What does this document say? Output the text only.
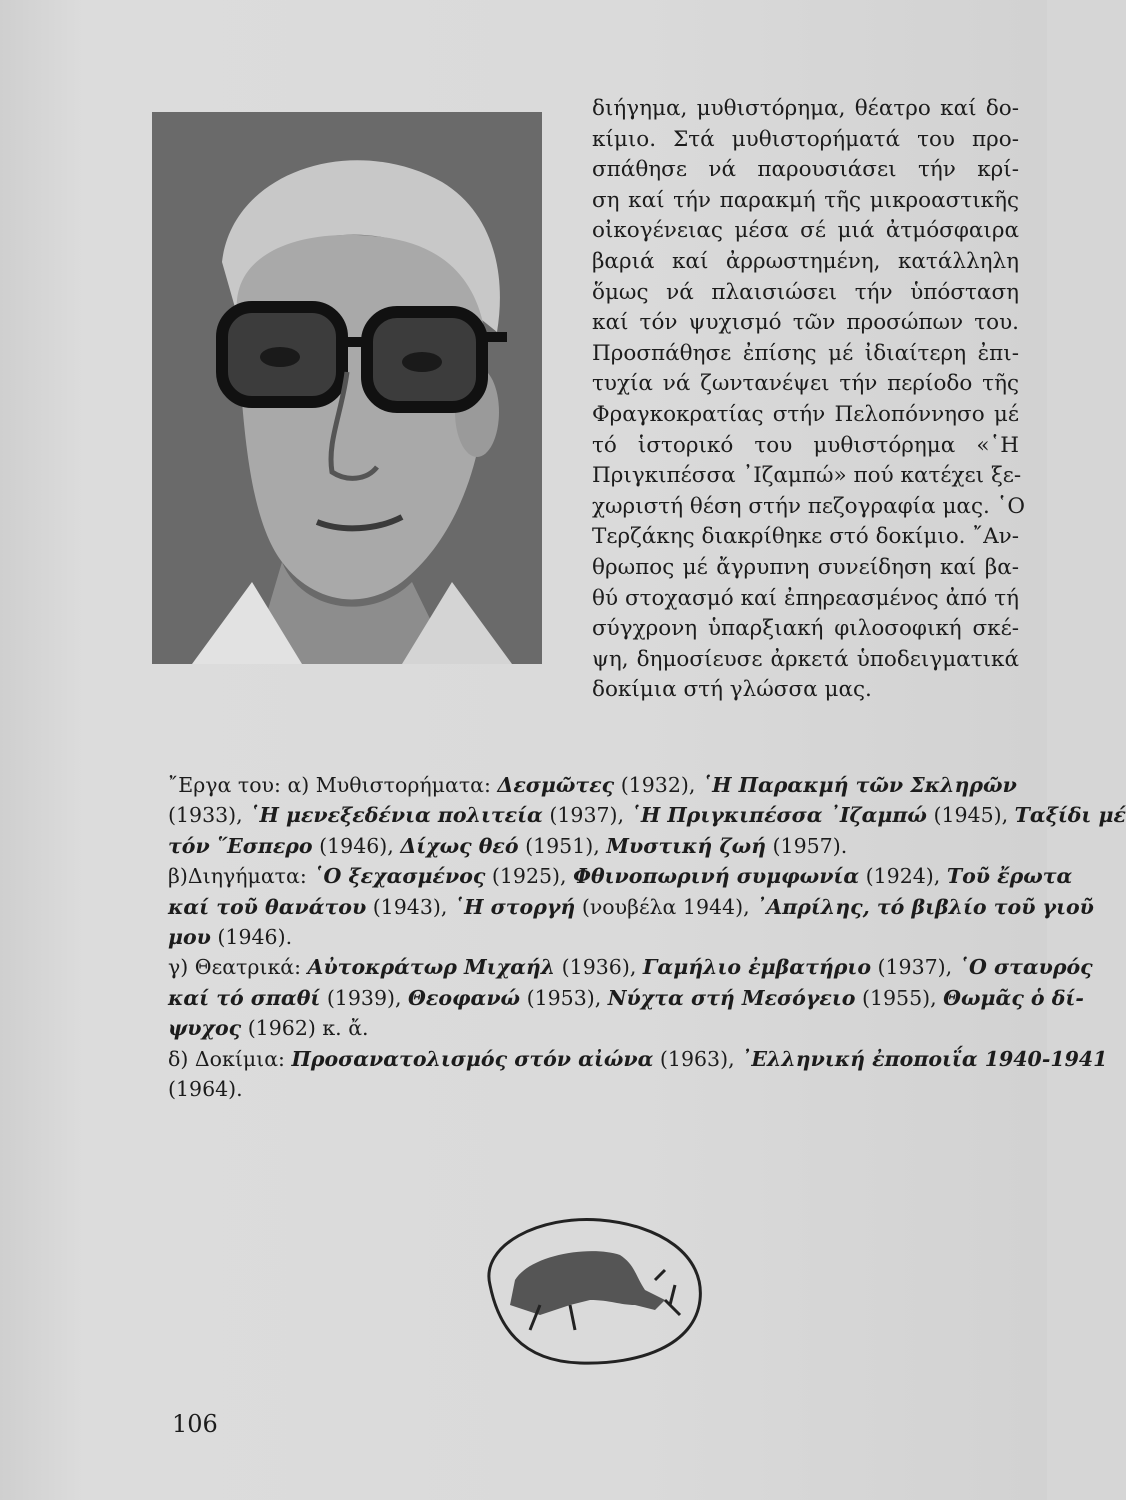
διήγημα, μυθιστόρημα, θέατρο καί δο-
κίμιο. Στά μυθιστορήματά του προ-
σπάθησε νά παρουσιάσει τήν κρί-
ση καί τήν παρακμή τῆς μικροαστικῆς
οἰκογένειας μέσα σέ μιά ἀτμόσφαιρα
βαριά καί ἀρρωστημένη, κατάλληλη
ὅμως νά πλαισιώσει τήν ὑπόσταση
καί τόν ψυχισμό τῶν προσώπων του.
Προσπάθησε ἐπίσης μέ ἰδιαίτερη ἐπι-
τυχία νά ζωντανέψει τήν περίοδο τῆς
Φραγκοκρατίας στήν Πελοπόννησο μέ
τό ἱστορικό του μυθιστόρημα «῾Η
Πριγκιπέσσα ᾿Ιζαμπώ» πού κατέχει ξε-
χωριστή θέση στήν πεζογραφία μας. ῾Ο
Τερζάκης διακρίθηκε στό δοκίμιο. ῎Αν-
θρωπος μέ ἄγρυπνη συνείδηση καί βα-
θύ στοχασμό καί ἐπηρεασμένος ἀπό τή
σύγχρονη ὑπαρξιακή φιλοσοφική σκέ-
ψη, δημοσίευσε ἀρκετά ὑποδειγματικά
δοκίμια στή γλώσσα μας.
῎Εργα του: α) Μυθιστορήματα: Δεσμῶτες (1932), ῾Η Παρακμή τῶν Σκληρῶν
(1933), ῾Η μενεξεδένια πολιτεία (1937), ῾Η Πριγκιπέσσα ᾿Ιζαμπώ (1945), Ταξίδι μέ
τόν ῞Εσπερο (1946), Δίχως θεό (1951), Μυστική ζωή (1957).
β)Διηγήματα: ῾Ο ξεχασμένος (1925), Φθινοπωρινή συμφωνία (1924), Τοῦ ἔρωτα
καί τοῦ θανάτου (1943), ῾Η στοργή (νουβέλα 1944), ᾿Απρίλης, τό βιβλίο τοῦ γιοῦ
μου (1946).
γ) Θεατρικά: Αὐτοκράτωρ Μιχαήλ (1936), Γαμήλιο ἐμβατήριο (1937), ῾Ο σταυρός
καί τό σπαθί (1939), Θεοφανώ (1953), Νύχτα στή Μεσόγειο (1955), Θωμᾶς ὁ δί-
ψυχος (1962) κ. ἄ.
δ) Δοκίμια: Προσανατολισμός στόν αἰώνα (1963), ᾿Ελληνική ἐποποιΐα 1940-1941
(1964).
106
